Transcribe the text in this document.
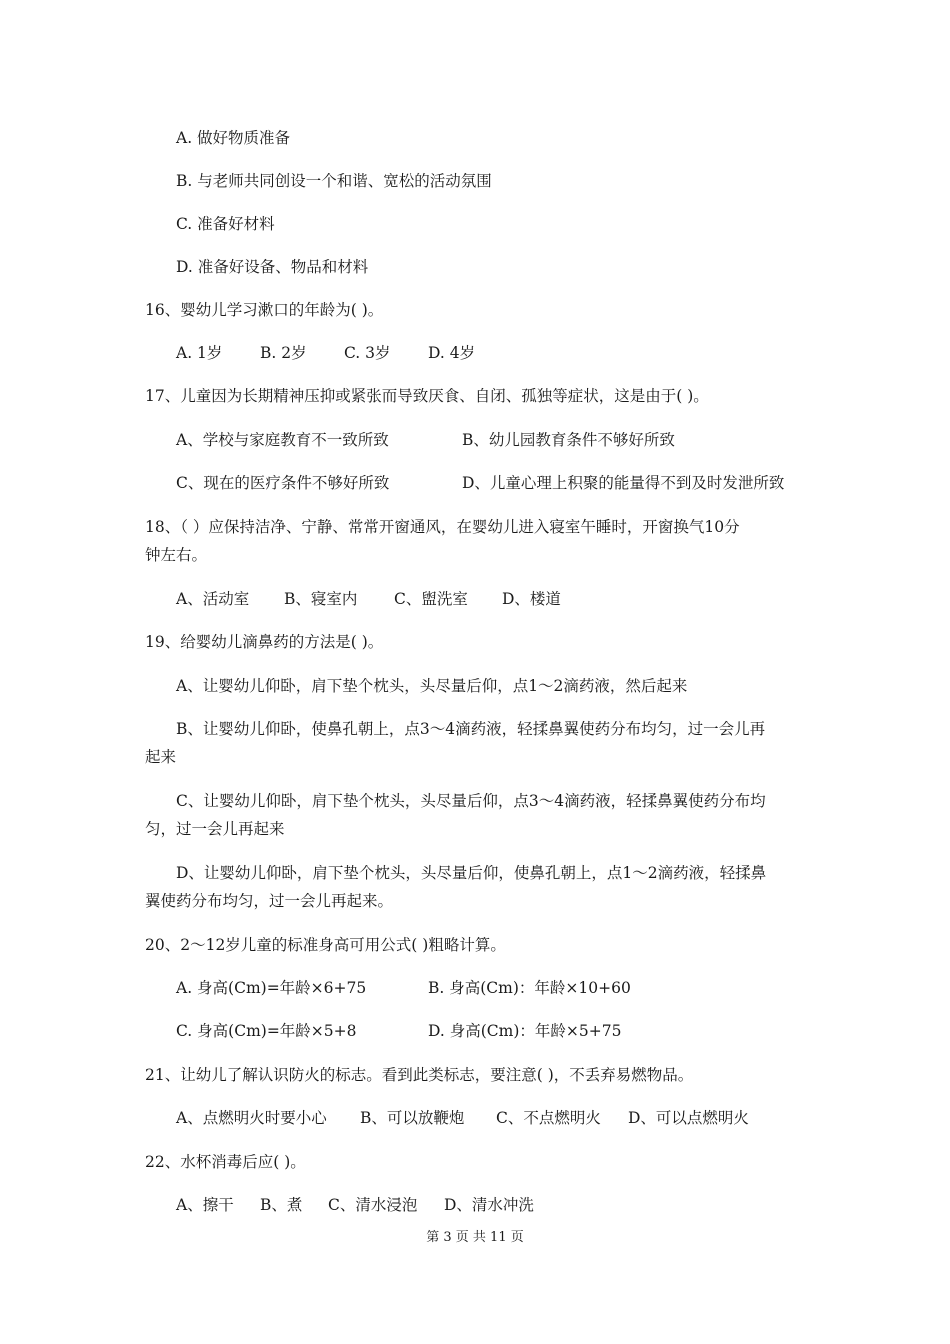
A. 做好物质准备
B. 与老师共同创设一个和谐、宽松的活动氛围
C. 准备好材料
D. 准备好设备、物品和材料
16、婴幼儿学习漱口的年龄为( )。
A. 1岁 B. 2岁 C. 3岁 D. 4岁
17、儿童因为长期精神压抑或紧张而导致厌食、自闭、孤独等症状，这是由于( )。
A、学校与家庭教育不一致所致	B、幼儿园教育条件不够好所致
C、现在的医疗条件不够好所致	D、儿童心理上积聚的能量得不到及时发泄所致
18、（ ）应保持洁净、宁静、常常开窗通风，在婴幼儿进入寝室午睡时，开窗换气10分
钟左右。
A、活动室 B、寝室内 C、盥洗室 D、楼道
19、给婴幼儿滴鼻药的方法是( )。
A、让婴幼儿仰卧，肩下垫个枕头，头尽量后仰，点1～2滴药液，然后起来
B、让婴幼儿仰卧，使鼻孔朝上，点3～4滴药液，轻揉鼻翼使药分布均匀，过一会儿再
起来
C、让婴幼儿仰卧，肩下垫个枕头，头尽量后仰，点3～4滴药液，轻揉鼻翼使药分布均
匀，过一会儿再起来
D、让婴幼儿仰卧，肩下垫个枕头，头尽量后仰，使鼻孔朝上，点1～2滴药液，轻揉鼻
翼使药分布均匀，过一会儿再起来。
20、2～12岁儿童的标准身高可用公式( )粗略计算。
A. 身高(Cm)=年龄×6+75	B. 身高(Cm)：年龄×10+60
C. 身高(Cm)=年龄×5+8	D. 身高(Cm)：年龄×5+75
21、让幼儿了解认识防火的标志。看到此类标志，要注意( )，不丢弃易燃物品。
A、点燃明火时要小心 B、可以放鞭炮 C、不点燃明火 D、可以点燃明火
22、水杯消毒后应( )。
A、擦干 B、煮 C、清水浸泡 D、清水冲洗
第 3 页 共 11 页
